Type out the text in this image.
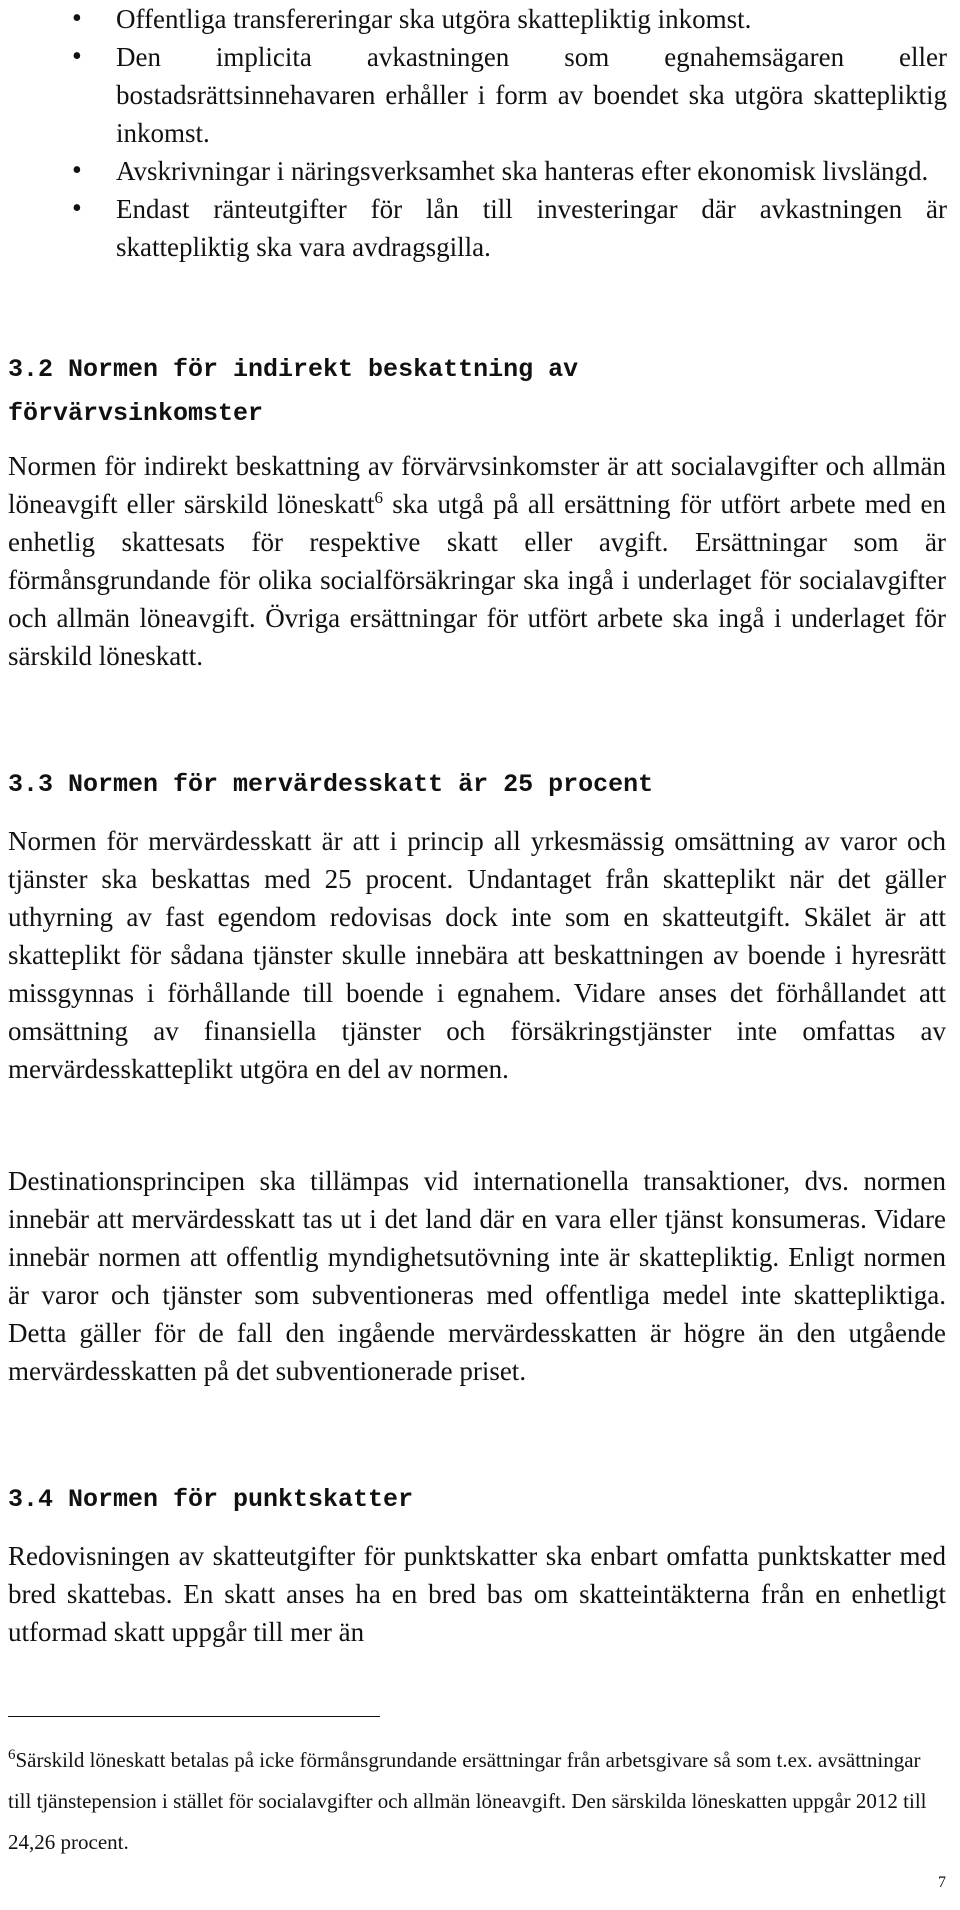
• Offentliga transfereringar ska utgöra skattepliktig inkomst.
• Den implicita avkastningen som egnahemsägaren eller bostadsrättsinnehavaren erhåller i form av boendet ska utgöra skattepliktig inkomst.
• Avskrivningar i näringsverksamhet ska hanteras efter ekonomisk livslängd.
• Endast ränteutgifter för lån till investeringar där avkastningen är skattepliktig ska vara avdragsgilla.
3.2 Normen för indirekt beskattning av förvärvsinkomster

Normen för indirekt beskattning av förvärvsinkomster är att socialavgifter och allmän löneavgift eller särskild löneskatt$^6$ ska utgå på all ersättning för utfört arbete med en enhetlig skattesats för respektive skatt eller avgift. Ersättningar som är förmånsgrundande för olika socialförsäkringar ska ingå i underlaget för socialavgifter och allmän löneavgift. Övriga ersättningar för utfört arbete ska ingå i underlaget för särskild löneskatt.

3.3 Normen för mervärdesskatt är 25 procent

Normen för mervärdesskatt är att i princip all yrkesmässig omsättning av varor och tjänster ska beskattas med 25 procent. Undantaget från skatteplikt när det gäller uthyrning av fast egendom redovisas dock inte som en skatteutgift. Skälet är att skatteplikt för sådana tjänster skulle innebära att beskattningen av boende i hyresrätt missgynnas i förhållande till boende i egnahem. Vidare anses det förhållandet att omsättning av finansiella tjänster och försäkringstjänster inte omfattas av mervärdesskatteplikt utgöra en del av normen.

Destinationsprincipen ska tillämpas vid internationella transaktioner, dvs. normen innebär att mervärdesskatt tas ut i det land där en vara eller tjänst konsumeras. Vidare innebär normen att offentlig myndighetsutövning inte är skattepliktig. Enligt normen är varor och tjänster som subventioneras med offentliga medel inte skattepliktiga. Detta gäller för de fall den ingående mervärdesskatten är högre än den utgående mervärdesskatten på det subventionerade priset.

3.4 Normen för punktskatter

Redovisningen av skatteutgifter för punktskatter ska enbart omfatta punktskatter med bred skattebas. En skatt anses ha en bred bas om skatteintäkterna från en enhetligt utformad skatt uppgår till mer än

$^6$Särskild löneskatt betalas på icke förmånsgrundande ersättningar från arbetsgivare så som t.ex. avsättningar till tjänstepension i stället för socialavgifter och allmän löneavgift. Den särskilda löneskatten uppgår 2012 till 24,26 procent.

7
